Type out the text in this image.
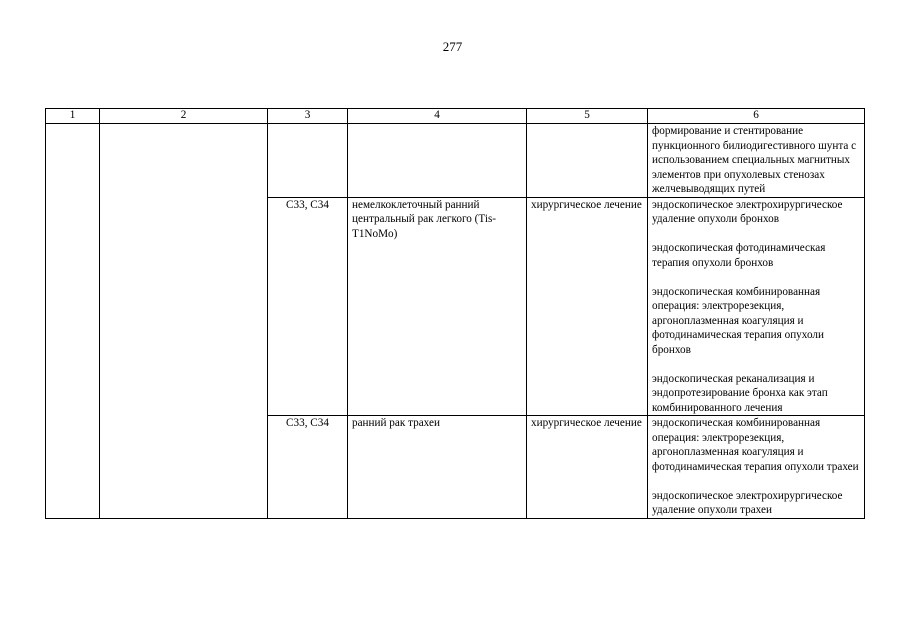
277
1	2	3	4	5	6

					формирование и стентирование пункционного билиодигестивного шунта с использованием специальных магнитных элементов при опухолевых стенозах желчевыводящих путей

		C33, C34	немелкоклеточный ранний центральный рак легкого (Tis-T1NoMo)	хирургическое лечение	эндоскопическое электрохирургическое удаление опухоли бронхов
эндоскопическая фотодинамическая терапия опухоли бронхов
эндоскопическая комбинированная операция: электрорезекция, аргоноплазменная коагуляция и фотодинамическая терапия опухоли бронхов
эндоскопическая реканализация и эндопротезирование бронха как этап комбинированного лечения

		C33, C34	ранний рак трахеи	хирургическое лечение	эндоскопическая комбинированная операция: электрорезекция, аргоноплазменная коагуляция и фотодинамическая терапия опухоли трахеи
эндоскопическое электрохирургическое удаление опухоли трахеи
